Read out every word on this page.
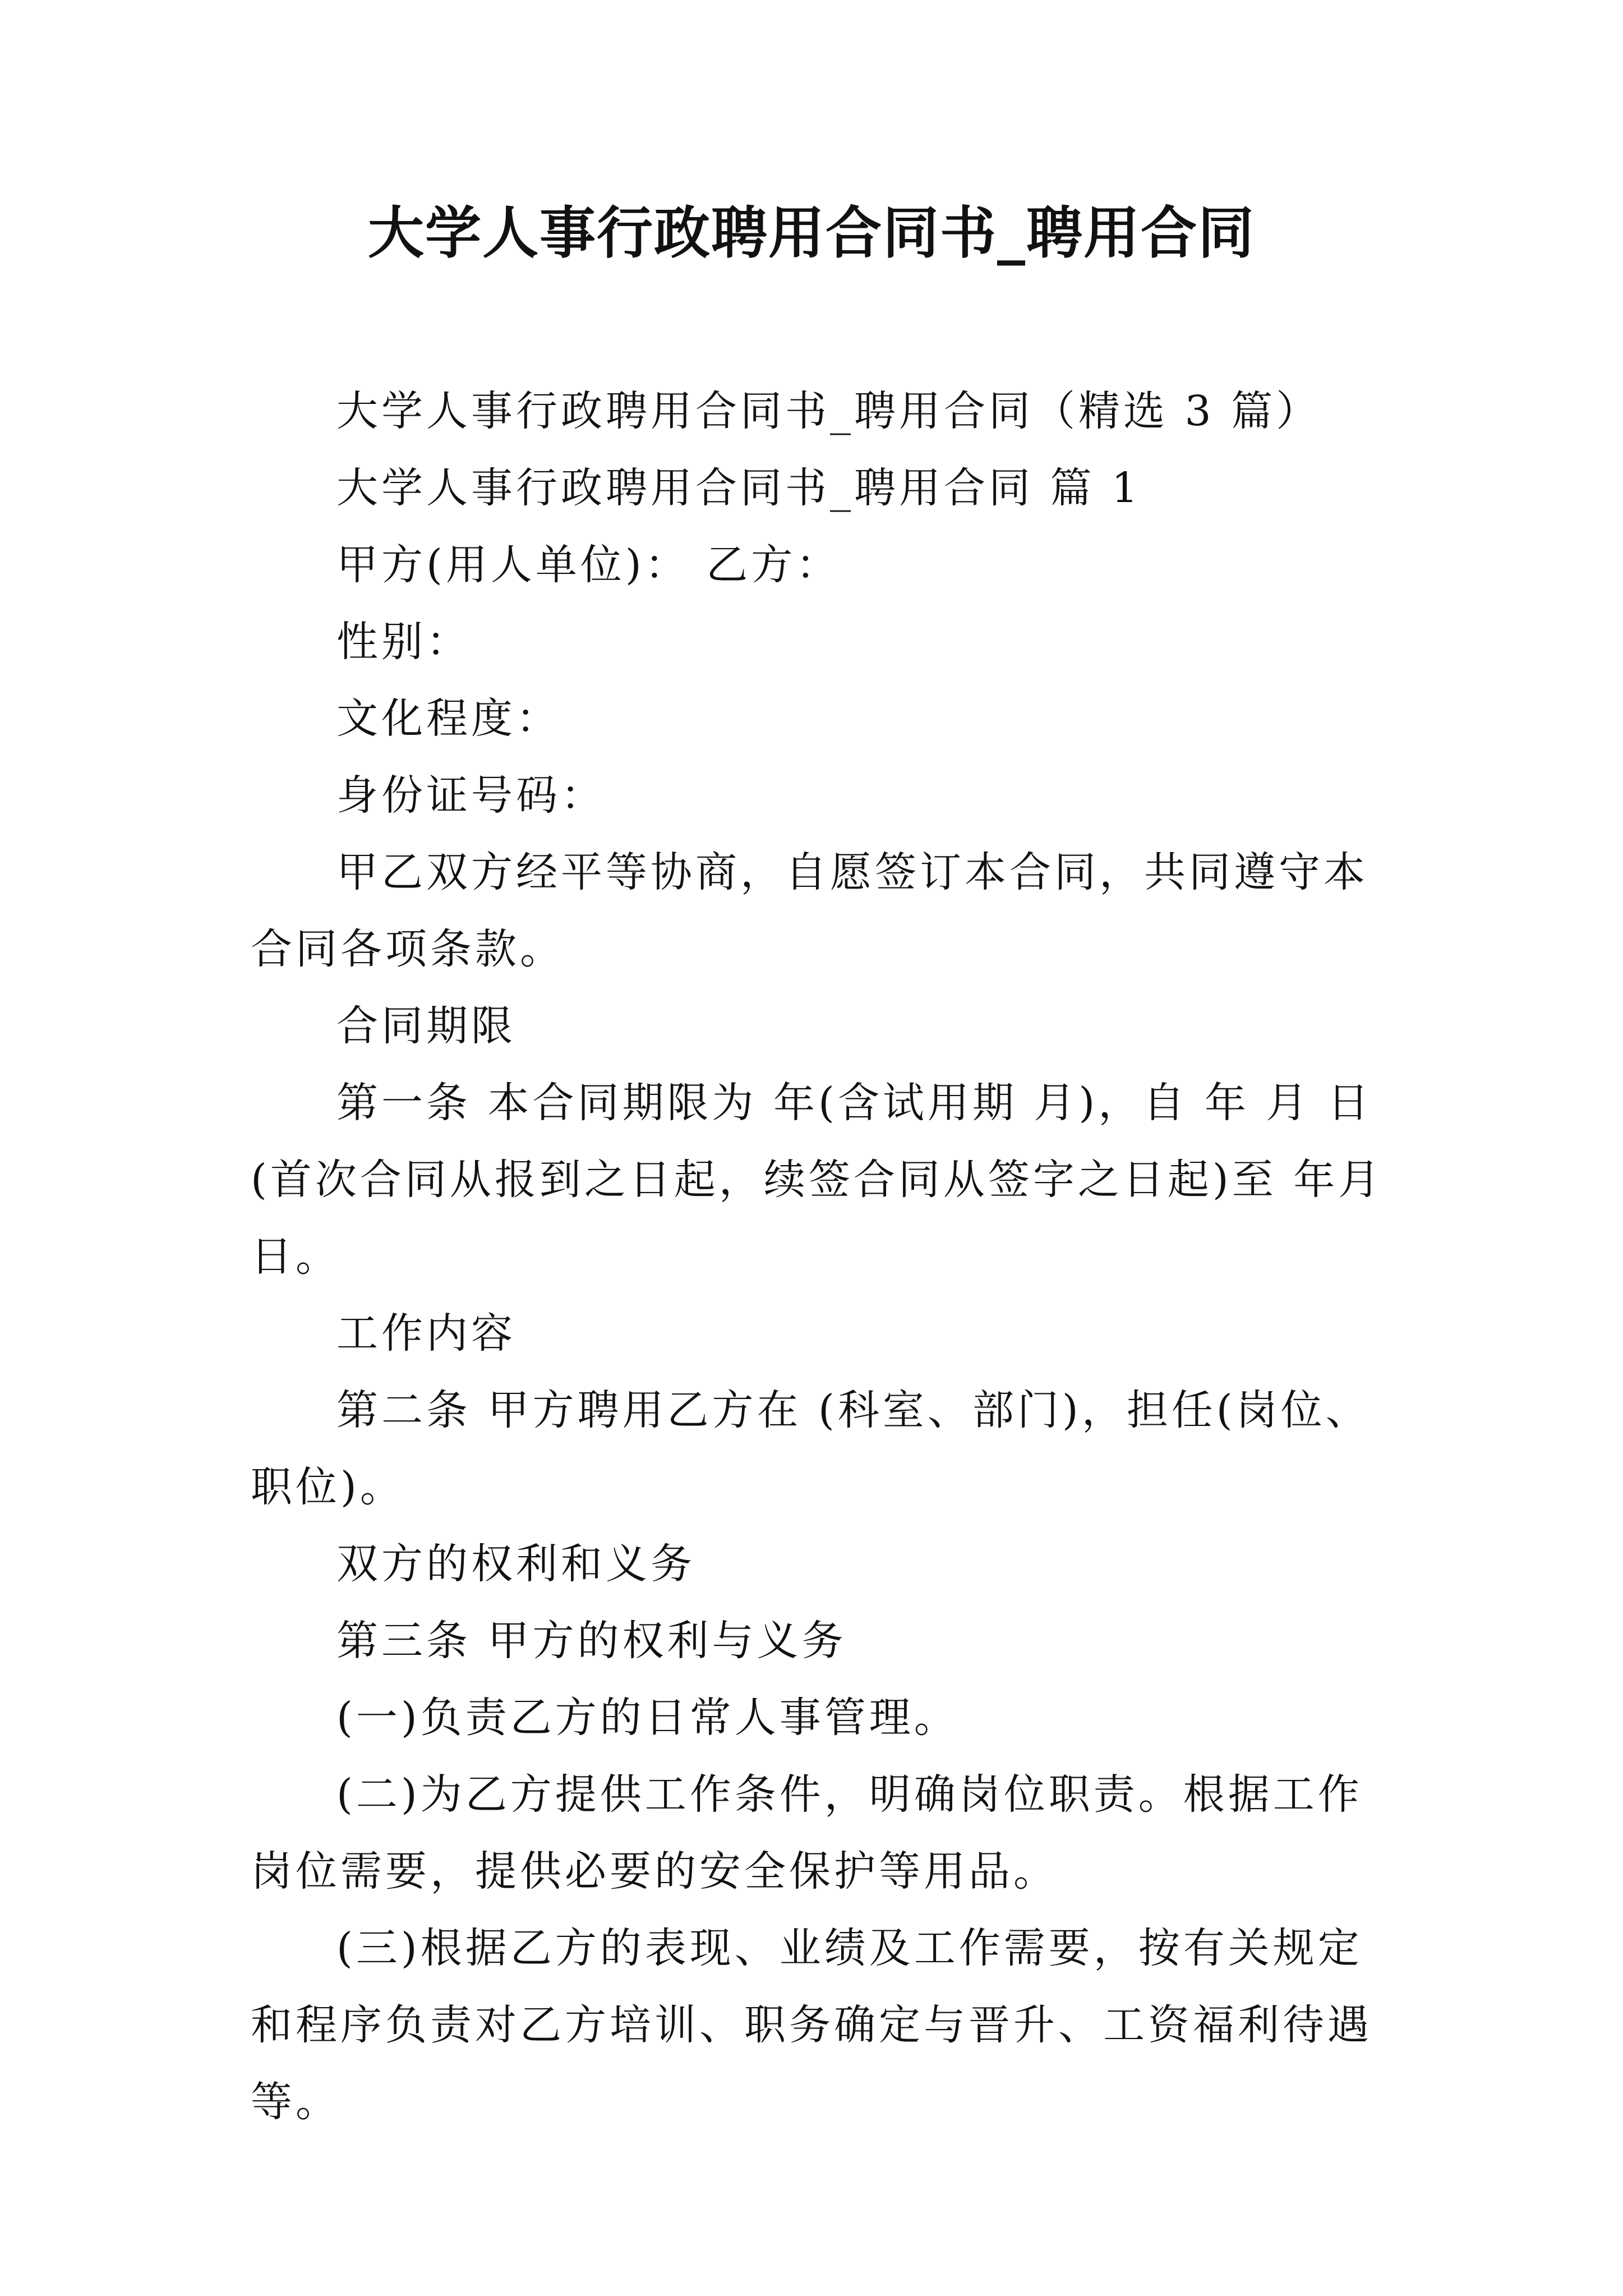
大学人事行政聘用合同书_聘用合同

大学人事行政聘用合同书_聘用合同（精选 3 篇）

大学人事行政聘用合同书_聘用合同 篇 1

甲方(用人单位)： 乙方：

性别：

文化程度：

身份证号码：

甲乙双方经平等协商，自愿签订本合同，共同遵守本合同各项条款。

合同期限

第一条 本合同期限为 年(含试用期 月)，自 年 月 日(首次合同从报到之日起，续签合同从签字之日起)至 年月日。

工作内容

第二条 甲方聘用乙方在 (科室、部门)，担任(岗位、职位)。

双方的权利和义务

第三条 甲方的权利与义务

(一)负责乙方的日常人事管理。

(二)为乙方提供工作条件，明确岗位职责。根据工作岗位需要，提供必要的安全保护等用品。

(三)根据乙方的表现、业绩及工作需要，按有关规定和程序负责对乙方培训、职务确定与晋升、工资福利待遇等。
